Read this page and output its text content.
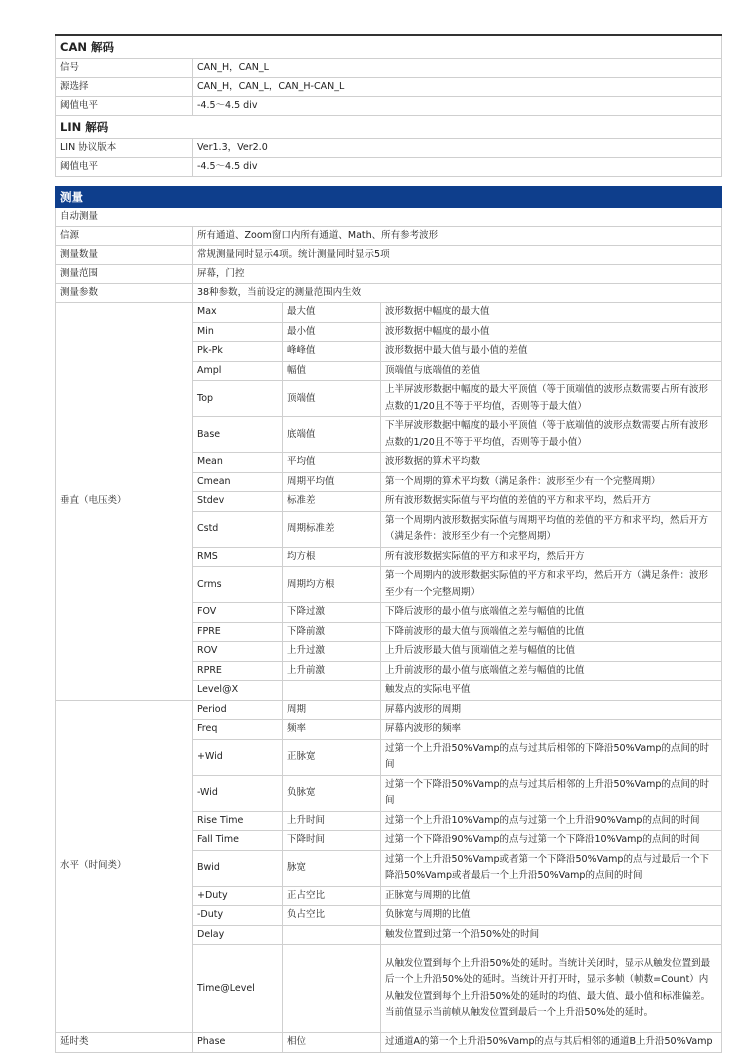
CAN 解码	
信号	CAN_H，CAN_L
源选择	CAN_H，CAN_L，CAN_H-CAN_L
阈值电平	-4.5～4.5 div
LIN 解码	
LIN 协议版本	Ver1.3，Ver2.0
阈值电平	-4.5～4.5 div
测量			
自动测量			
信源	所有通道、Zoom窗口内所有通道、Math、所有参考波形		
测量数量	常规测量同时显示4项。统计测量同时显示5项		
测量范围	屏幕，门控		
测量参数	38种参数，当前设定的测量范围内生效		
垂直（电压类）	Max	最大值	波形数据中幅度的最大值
	Min	最小值	波形数据中幅度的最小值
	Pk-Pk	峰峰值	波形数据中最大值与最小值的差值
	Ampl	幅值	顶端值与底端值的差值
	Top	顶端值	上半屏波形数据中幅度的最大平顶值（等于顶端值的波形点数需要占所有波形点数的1/20且不等于平均值，否则等于最大值）
	Base	底端值	下半屏波形数据中幅度的最小平顶值（等于底端值的波形点数需要占所有波形点数的1/20且不等于平均值，否则等于最小值）
	Mean	平均值	波形数据的算术平均数
	Cmean	周期平均值	第一个周期的算术平均数（满足条件：波形至少有一个完整周期）
	Stdev	标准差	所有波形数据实际值与平均值的差值的平方和求平均，然后开方
	Cstd	周期标准差	第一个周期内波形数据实际值与周期平均值的差值的平方和求平均，然后开方（满足条件：波形至少有一个完整周期）
	RMS	均方根	所有波形数据实际值的平方和求平均，然后开方
	Crms	周期均方根	第一个周期内的波形数据实际值的平方和求平均，然后开方（满足条件：波形至少有一个完整周期）
	FOV	下降过激	下降后波形的最小值与底端值之差与幅值的比值
	FPRE	下降前激	下降前波形的最大值与顶端值之差与幅值的比值
	ROV	上升过激	上升后波形最大值与顶端值之差与幅值的比值
	RPRE	上升前激	上升前波形的最小值与底端值之差与幅值的比值
	Level@X		触发点的实际电平值
水平（时间类）	Period	周期	屏幕内波形的周期
	Freq	频率	屏幕内波形的频率
	+Wid	正脉宽	过第一个上升沿50%Vamp的点与过其后相邻的下降沿50%Vamp的点间的时间
	-Wid	负脉宽	过第一个下降沿50%Vamp的点与过其后相邻的上升沿50%Vamp的点间的时间
	Rise Time	上升时间	过第一个上升沿10%Vamp的点与过第一个上升沿90%Vamp的点间的时间
	Fall Time	下降时间	过第一个下降沿90%Vamp的点与过第一个下降沿10%Vamp的点间的时间
	Bwid	脉宽	过第一个上升沿50%Vamp或者第一个下降沿50%Vamp的点与过最后一个下降沿50%Vamp或者最后一个上升沿50%Vamp的点间的时间
	+Duty	正占空比	正脉宽与周期的比值
	-Duty	负占空比	负脉宽与周期的比值
	Delay		触发位置到过第一个沿50%处的时间
	Time@Level		从触发位置到每个上升沿50%处的延时。当统计关闭时，显示从触发位置到最后一个上升沿50%处的延时。当统计开打开时，显示多帧（帧数=Count）内从触发位置到每个上升沿50%处的延时的均值、最大值、最小值和标准偏差。当前值显示当前帧从触发位置到最后一个上升沿50%处的延时。
延时类	Phase	相位	过通道A的第一个上升沿50%Vamp的点与其后相邻的通道B上升沿50%Vamp
